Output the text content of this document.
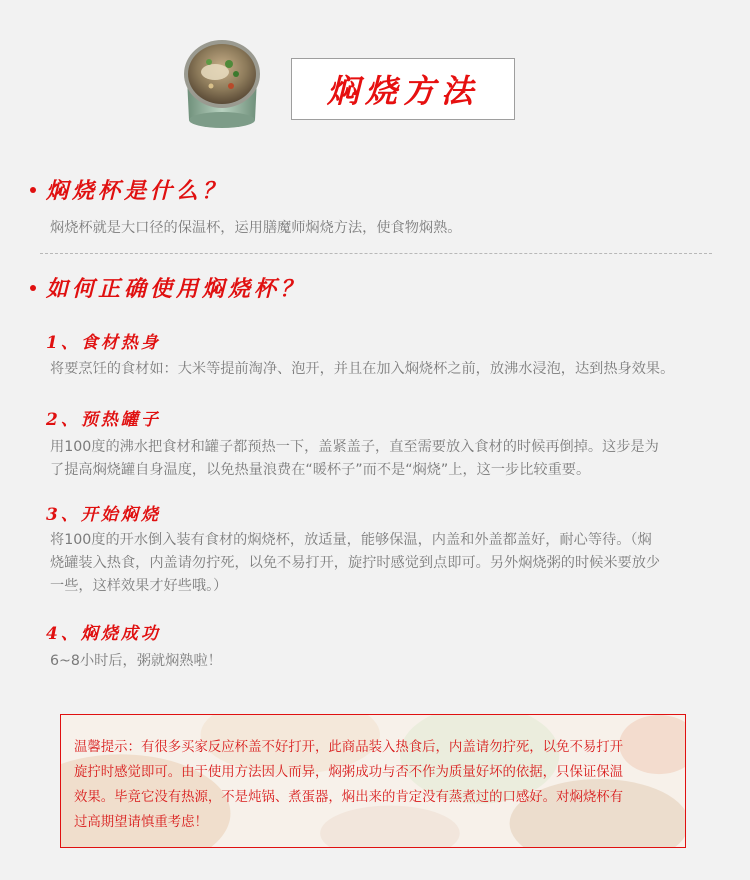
焖烧方法
焖烧杯是什么？
焖烧杯就是大口径的保温杯，运用膳魔师焖烧方法，使食物焖熟。
如何正确使用焖烧杯？
1、食材热身
将要烹饪的食材如：大米等提前淘净、泡开，并且在加入焖烧杯之前，放沸水浸泡，达到热身效果。
2、预热罐子
用100度的沸水把食材和罐子都预热一下，盖紧盖子，直至需要放入食材的时候再倒掉。这步是为
了提高焖烧罐自身温度，以免热量浪费在“暖杯子”而不是“焖烧”上，这一步比较重要。
3、开始焖烧
将100度的开水倒入装有食材的焖烧杯，放适量，能够保温，内盖和外盖都盖好，耐心等待。（焖
烧罐装入热食，内盖请勿拧死，以免不易打开，旋拧时感觉到点即可。另外焖烧粥的时候米要放少
一些，这样效果才好些哦。）
4、焖烧成功
6~8小时后，粥就焖熟啦！
温馨提示：有很多买家反应杯盖不好打开，此商品装入热食后，内盖请勿拧死，以免不易打开
旋拧时感觉即可。由于使用方法因人而异，焖粥成功与否不作为质量好坏的依据，只保证保温
效果。毕竟它没有热源，不是炖锅、煮蛋器，焖出来的肯定没有蒸煮过的口感好。对焖烧杯有
过高期望请慎重考虑！
